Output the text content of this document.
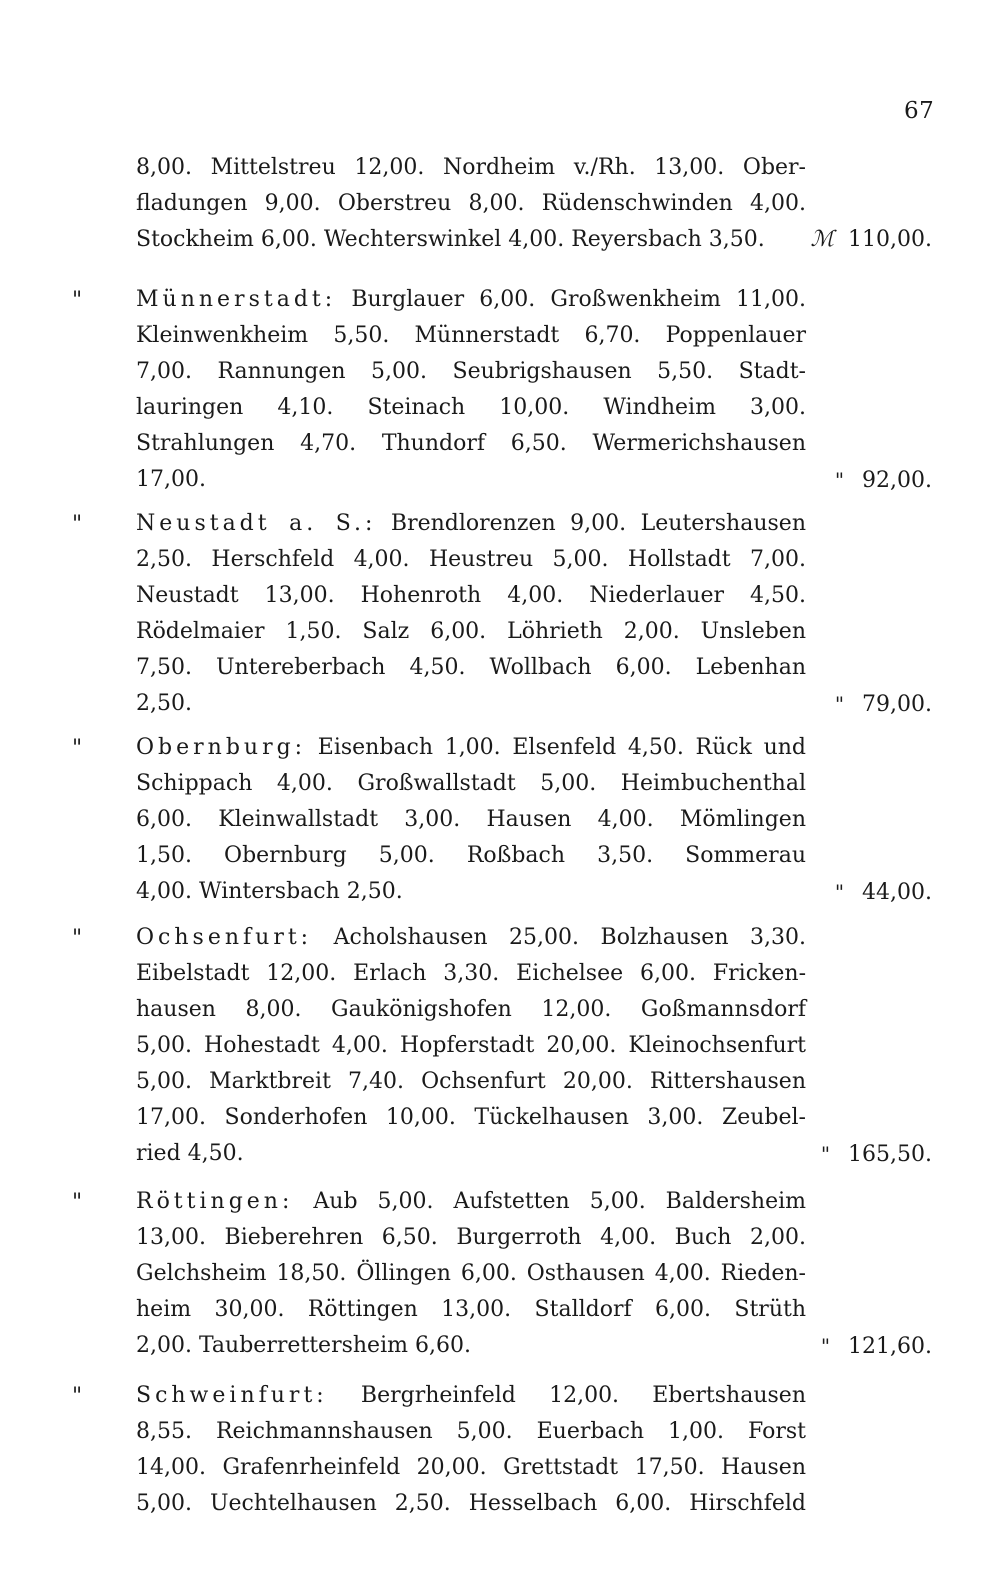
67
8,00. Mittelstreu 12,00. Nordheim v./Rh. 13,00. Ober-
fladungen 9,00. Oberstreu 8,00. Rüdenschwinden 4,00.
Stockheim 6,00. Wechterswinkel 4,00. Reyersbach 3,50.	ℳ 110,00.
" Münnerstadt: Burglauer 6,00. Großwenkheim 11,00.
Kleinwenkheim 5,50. Münnerstadt 6,70. Poppenlauer
7,00. Rannungen 5,00. Seubrigshausen 5,50. Stadt-
lauringen 4,10. Steinach 10,00. Windheim 3,00.
Strahlungen 4,70. Thundorf 6,50. Wermerichshausen
17,00.	" 92,00.
" Neustadt a. S.: Brendlorenzen 9,00. Leutershausen
2,50. Herschfeld 4,00. Heustreu 5,00. Hollstadt 7,00.
Neustadt 13,00. Hohenroth 4,00. Niederlauer 4,50.
Rödelmaier 1,50. Salz 6,00. Löhrieth 2,00. Unsleben
7,50. Untereberbach 4,50. Wollbach 6,00. Lebenhan
2,50.	" 79,00.
" Obernburg: Eisenbach 1,00. Elsenfeld 4,50. Rück und
Schippach 4,00. Großwallstadt 5,00. Heimbuchenthal
6,00. Kleinwallstadt 3,00. Hausen 4,00. Mömlingen
1,50. Obernburg 5,00. Roßbach 3,50. Sommerau
4,00. Wintersbach 2,50.	" 44,00.
" Ochsenfurt: Acholshausen 25,00. Bolzhausen 3,30.
Eibelstadt 12,00. Erlach 3,30. Eichelsee 6,00. Fricken-
hausen 8,00. Gaukönigshofen 12,00. Goßmannsdorf
5,00. Hohestadt 4,00. Hopferstadt 20,00. Kleinochsenfurt
5,00. Marktbreit 7,40. Ochsenfurt 20,00. Rittershausen
17,00. Sonderhofen 10,00. Tückelhausen 3,00. Zeubel-
ried 4,50.	" 165,50.
" Röttingen: Aub 5,00. Aufstetten 5,00. Baldersheim
13,00. Bieberehren 6,50. Burgerroth 4,00. Buch 2,00.
Gelchsheim 18,50. Öllingen 6,00. Osthausen 4,00. Rieden-
heim 30,00. Röttingen 13,00. Stalldorf 6,00. Strüth
2,00. Tauberrettersheim 6,60.	" 121,60.
" Schweinfurt: Bergrheinfeld 12,00. Ebertshausen
8,55. Reichmannshausen 5,00. Euerbach 1,00. Forst
14,00. Grafenrheinfeld 20,00. Grettstadt 17,50. Hausen
5,00. Uechtelhausen 2,50. Hesselbach 6,00. Hirschfeld
